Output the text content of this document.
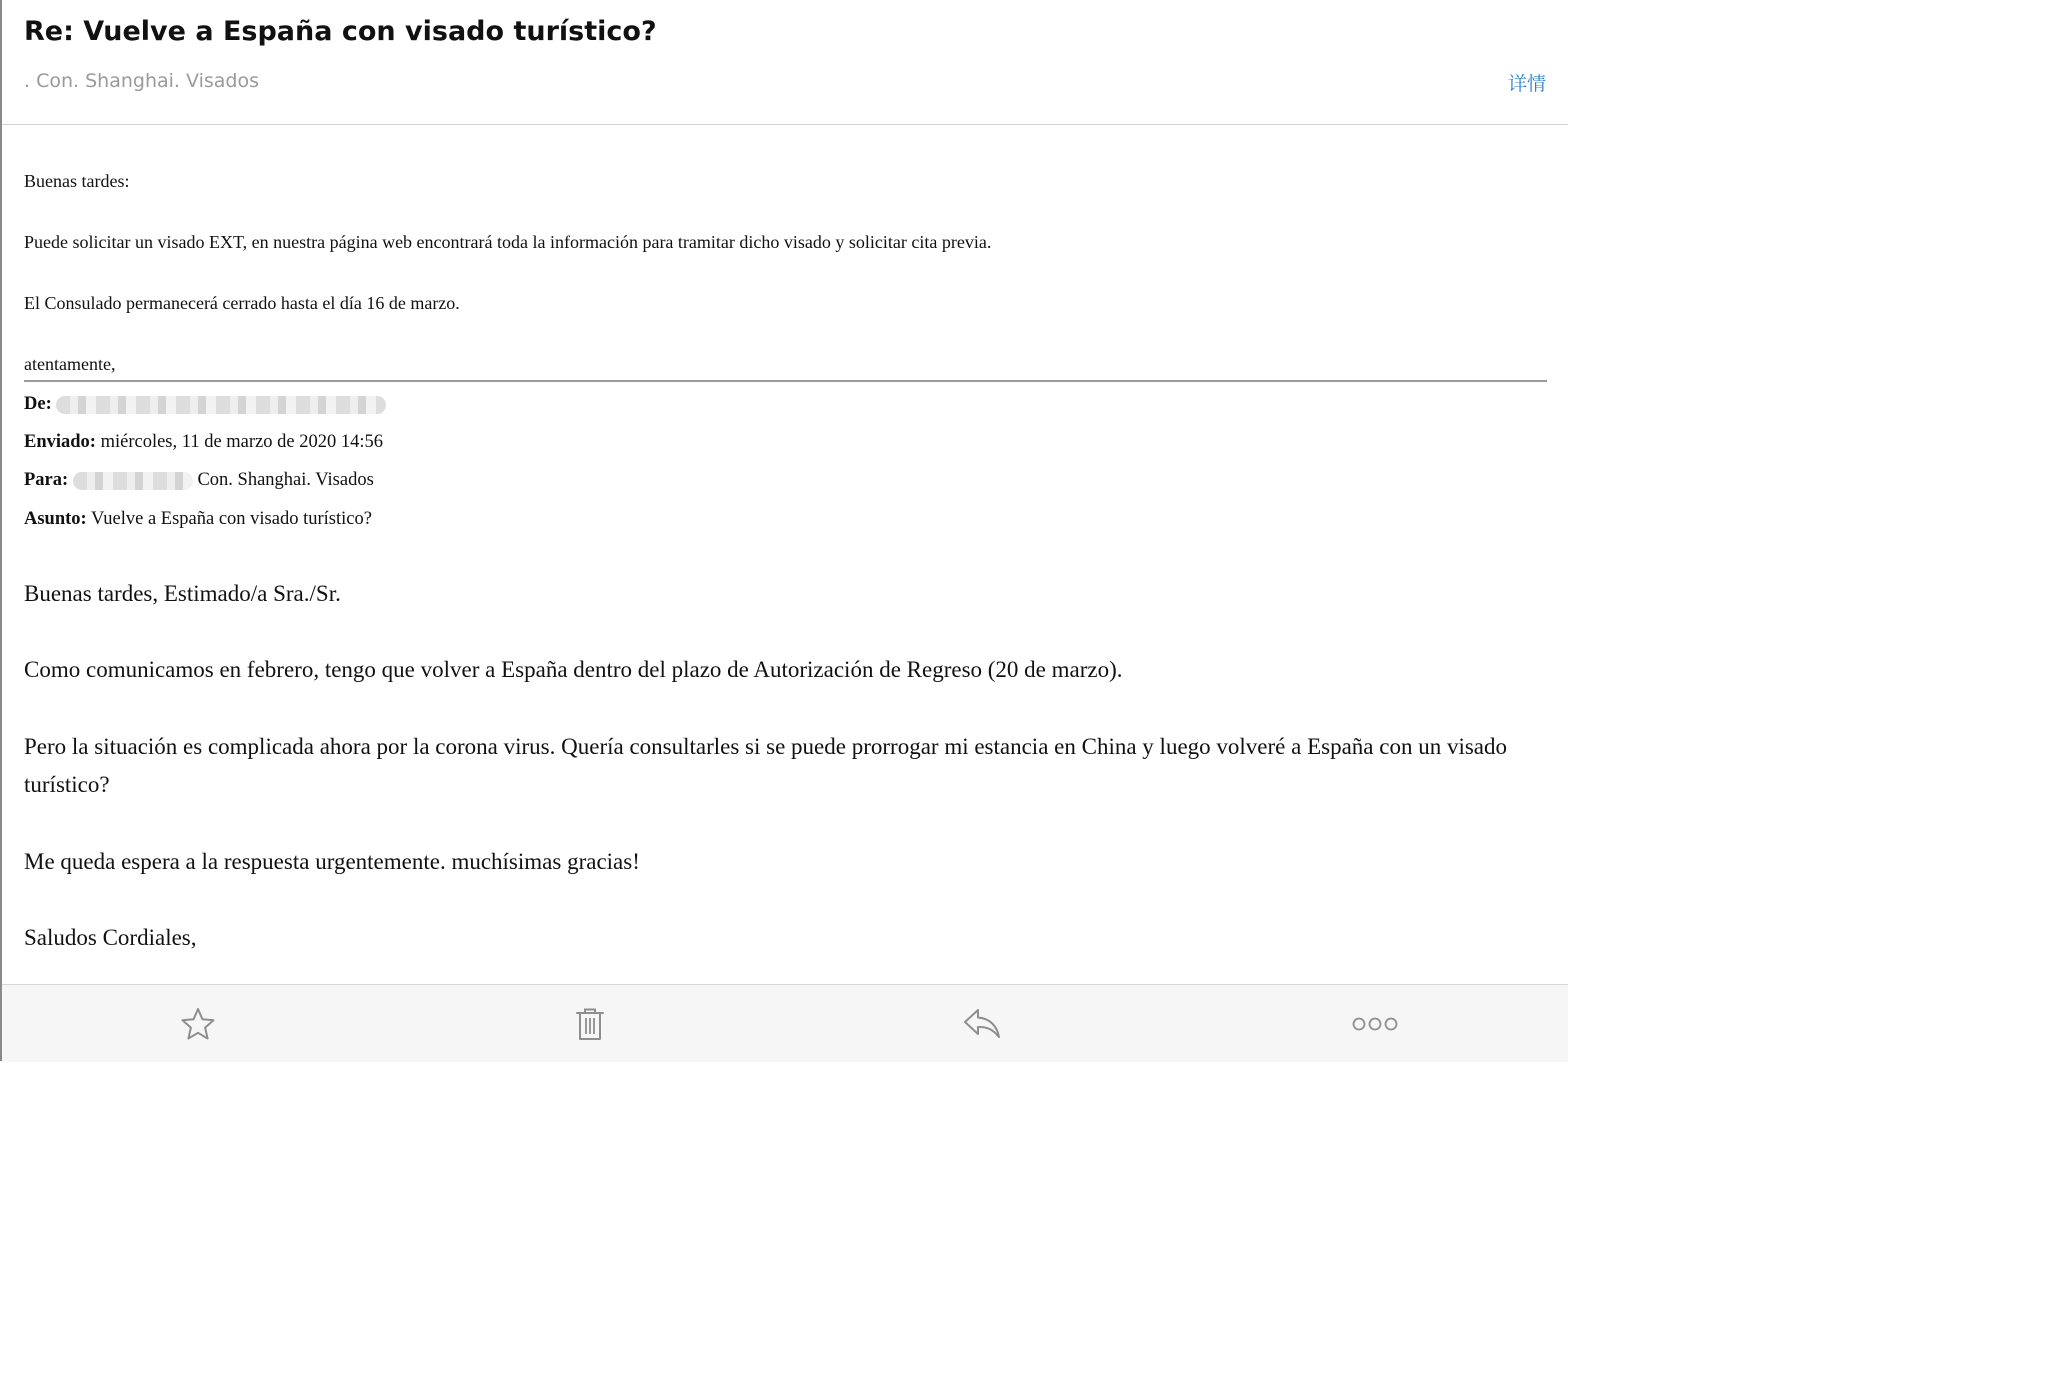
Re: Vuelve a España con visado turístico?
. Con. Shanghai. Visados	详情
Buenas tardes:
Puede solicitar un visado EXT, en nuestra página web encontrará toda la información para tramitar dicho visado y solicitar cita previa.
El Consulado permanecerá cerrado hasta el día 16 de marzo.
atentamente,
De:
Enviado: miércoles, 11 de marzo de 2020 14:56
Para:	Con. Shanghai. Visados
Asunto: Vuelve a España con visado turístico?
Buenas tardes, Estimado/a Sra./Sr.
Como comunicamos en febrero, tengo que volver a España dentro del plazo de Autorización de Regreso (20 de marzo).
Pero la situación es complicada ahora por la corona virus. Quería consultarles si se puede prorrogar mi estancia en China y luego volveré a España con un visado turístico?
Me queda espera a la respuesta urgentemente. muchísimas gracias!
Saludos Cordiales,
